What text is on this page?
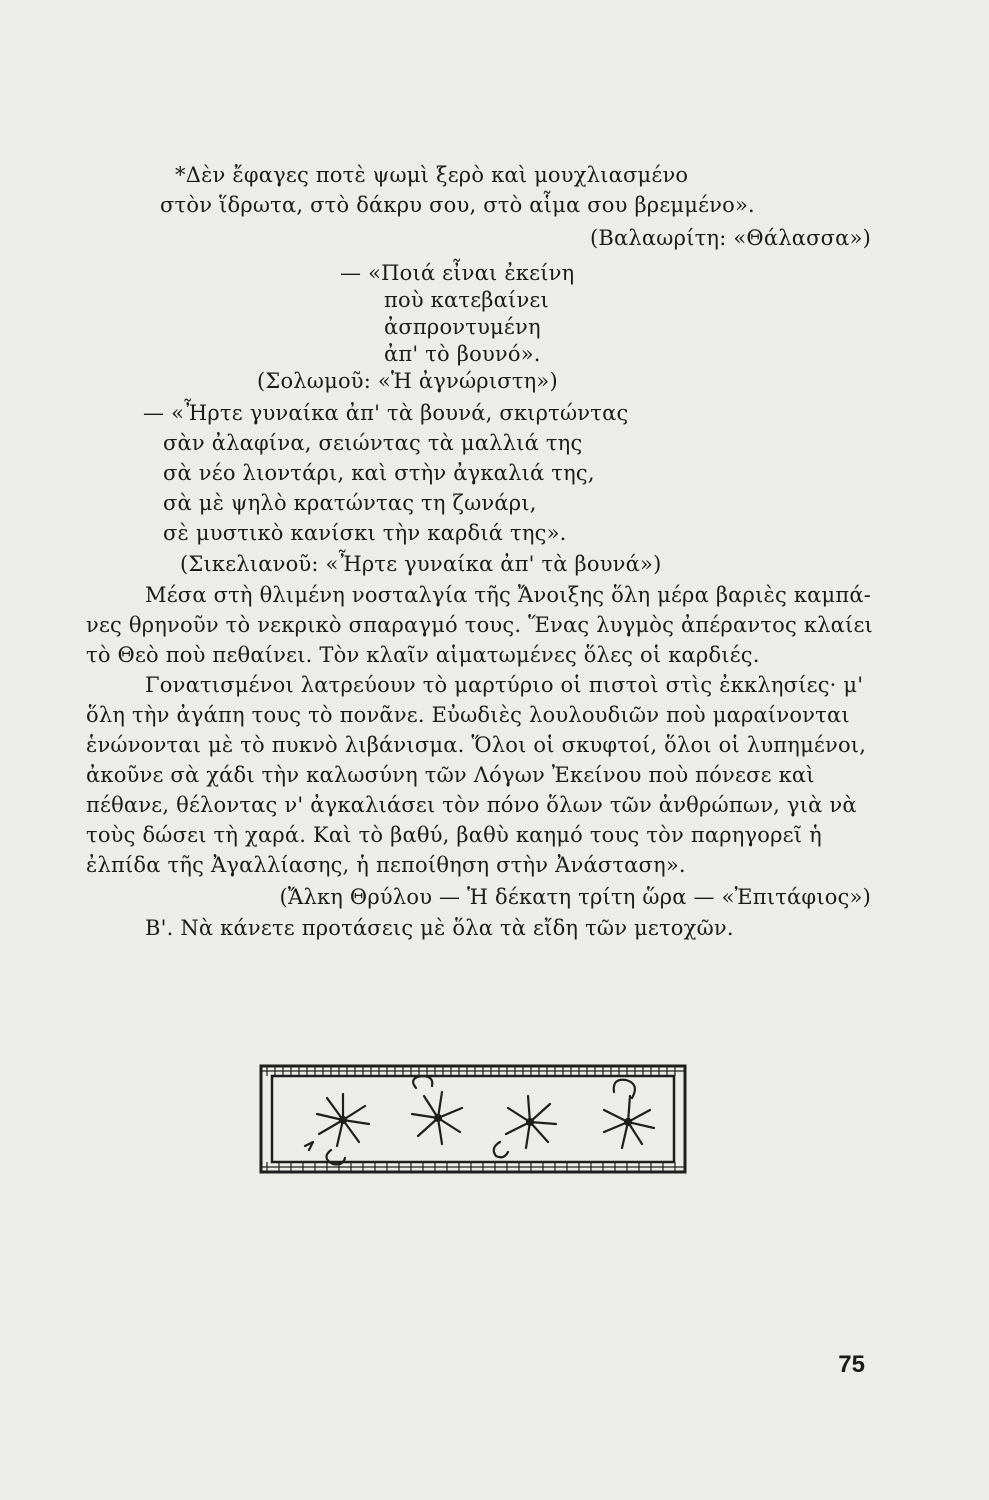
*Δὲν ἔφαγες ποτὲ ψωμὶ ξερὸ καὶ μουχλιασμένο
στὸν ἵδρωτα, στὸ δάκρυ σου, στὸ αἷμα σου βρεμμένο».
(Βαλαωρίτη: «Θάλασσα»)
— «Ποιά εἶναι ἐκείνη
ποὺ κατεβαίνει
ἀσπροντυμένη
ἀπ' τὸ βουνό».
(Σολωμοῦ: «Ἡ ἀγνώριστη»)
— «Ἦρτε γυναίκα ἀπ' τὰ βουνά, σκιρτώντας
σὰν ἀλαφίνα, σειώντας τὰ μαλλιά της
σὰ νέο λιοντάρι, καὶ στὴν ἀγκαλιά της,
σὰ μὲ ψηλὸ κρατώντας τη ζωνάρι,
σὲ μυστικὸ κανίσκι τὴν καρδιά της».
(Σικελιανοῦ: «Ἦρτε γυναίκα ἀπ' τὰ βουνά»)
Μέσα στὴ θλιμένη νοσταλγία τῆς Ἄνοιξης ὅλη μέρα βαριὲς καμπά-
νες θρηνοῦν τὸ νεκρικὸ σπαραγμό τους. Ἕνας λυγμὸς ἀπέραντος κλαίει
τὸ Θεὸ ποὺ πεθαίνει. Τὸν κλαῖν αἱματωμένες ὅλες οἱ καρδιές.
Γονατισμένοι λατρεύουν τὸ μαρτύριο οἱ πιστοὶ στὶς ἐκκλησίες· μ'
ὅλη τὴν ἀγάπη τους τὸ πονᾶνε. Εὐωδιὲς λουλουδιῶν ποὺ μαραίνονται
ἑνώνονται μὲ τὸ πυκνὸ λιβάνισμα. Ὅλοι οἱ σκυφτοί, ὅλοι οἱ λυπημένοι,
ἀκοῦνε σὰ χάδι τὴν καλωσύνη τῶν Λόγων Ἐκείνου ποὺ πόνεσε καὶ
πέθανε, θέλοντας ν' ἀγκαλιάσει τὸν πόνο ὅλων τῶν ἀνθρώπων, γιὰ νὰ
τοὺς δώσει τὴ χαρά. Καὶ τὸ βαθύ, βαθὺ καημό τους τὸν παρηγορεῖ ἡ
ἐλπίδα τῆς Ἀγαλλίασης, ἡ πεποίθηση στὴν Ἀνάσταση».
(Ἄλκη Θρύλου — Ἡ δέκατη τρίτη ὥρα — «Ἐπιτάφιος»)
Β'. Νὰ κάνετε προτάσεις μὲ ὅλα τὰ εἴδη τῶν μετοχῶν.
75
